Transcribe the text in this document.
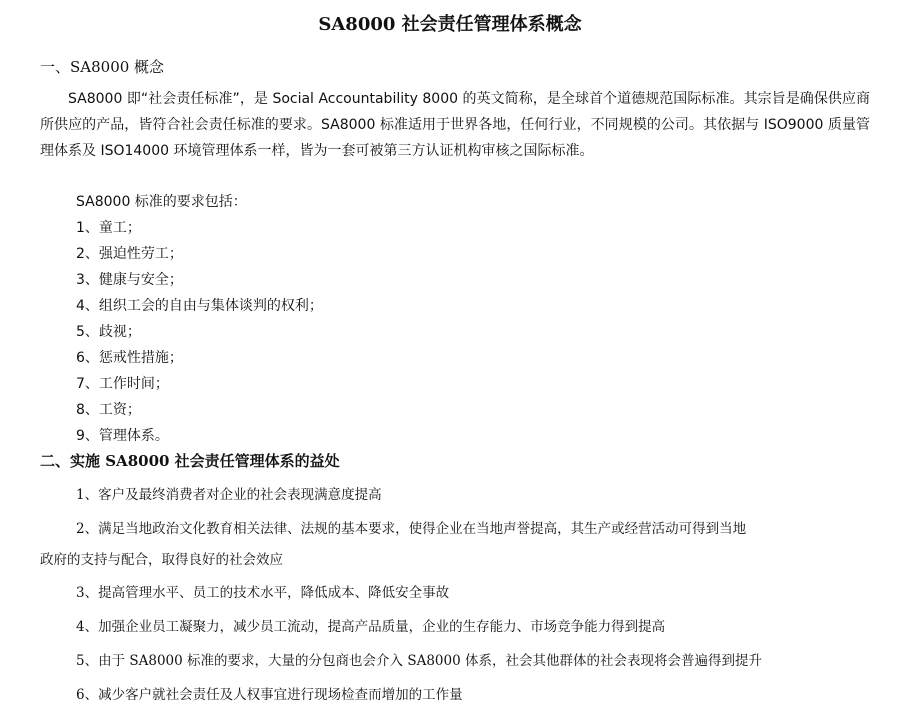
SA8000 社会责任管理体系概念
一、SA8000 概念

SA8000 即“社会责任标准”，是 Social Accountability 8000 的英文简称，是全球首个道德规范国际标准。其宗旨是确保供应商所供应的产品，皆符合社会责任标准的要求。SA8000 标准适用于世界各地，任何行业，不同规模的公司。其依据与 ISO9000 质量管理体系及 ISO14000 环境管理体系一样，皆为一套可被第三方认证机构审核之国际标准。

SA8000 标准的要求包括：
1、童工；
2、强迫性劳工；
3、健康与安全；
4、组织工会的自由与集体谈判的权利；
5、歧视；
6、惩戒性措施；
7、工作时间；
8、工资；
9、管理体系。
二、实施 SA8000 社会责任管理体系的益处
1、客户及最终消费者对企业的社会表现满意度提高
2、满足当地政治文化教育相关法律、法规的基本要求，使得企业在当地声誉提高，其生产或经营活动可得到当地
政府的支持与配合，取得良好的社会效应
3、提高管理水平、员工的技术水平，降低成本、降低安全事故
4、加强企业员工凝聚力，减少员工流动，提高产品质量，企业的生存能力、市场竞争能力得到提高
5、由于 SA8000 标准的要求，大量的分包商也会介入 SA8000 体系，社会其他群体的社会表现将会普遍得到提升
6、减少客户就社会责任及人权事宜进行现场检查而增加的工作量
